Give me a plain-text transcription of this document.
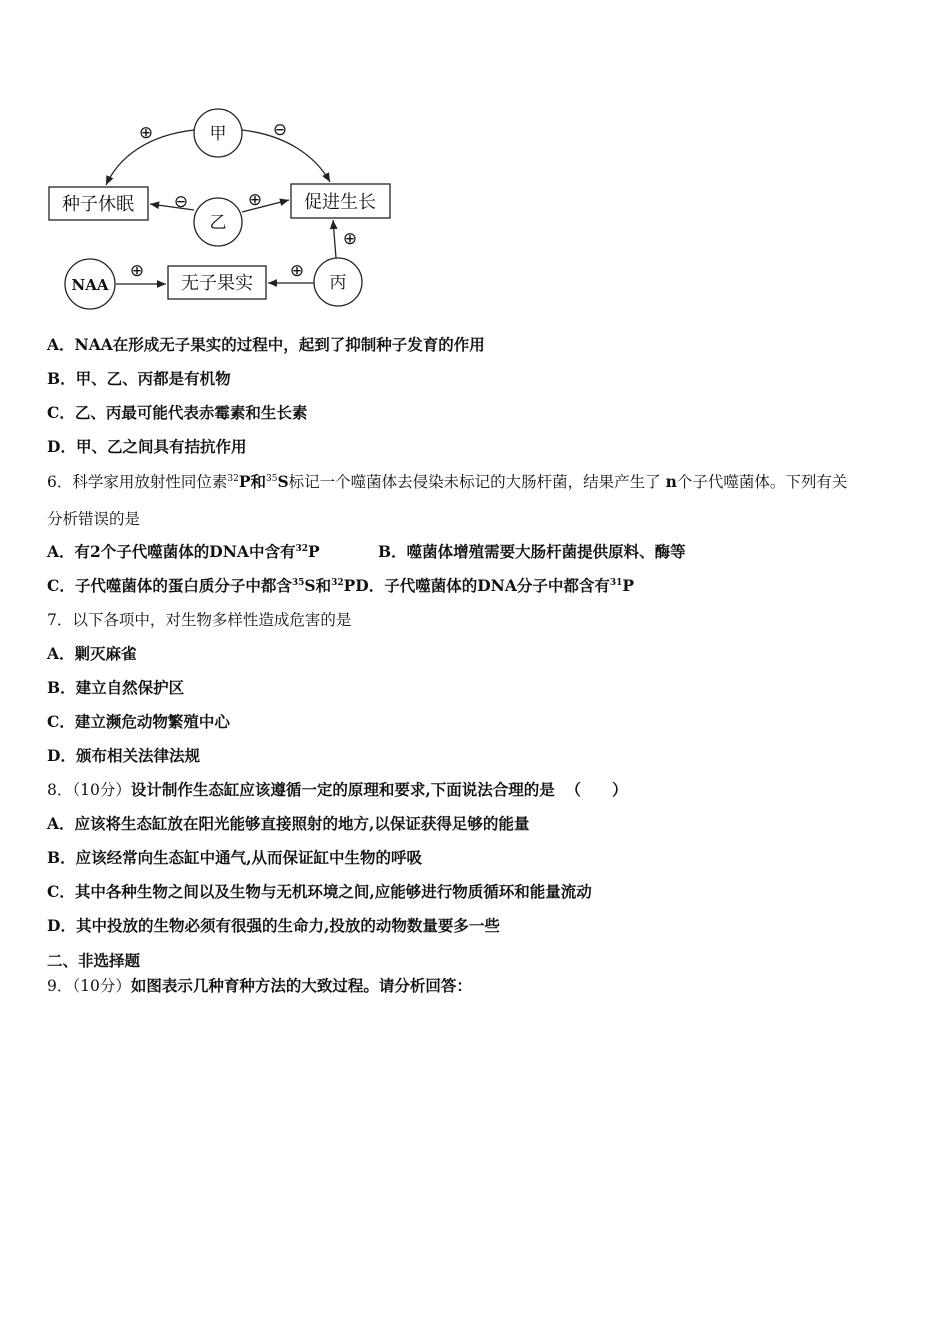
甲
乙
丙
NAA
种子休眠	促进生长
无子果实
⊕	⊖
⊖	⊕
⊕	⊕
⊕
A．NAA在形成无子果实的过程中，起到了抑制种子发育的作用
B．甲、乙、丙都是有机物
C．乙、丙最可能代表赤霉素和生长素
D．甲、乙之间具有拮抗作用
6．科学家用放射性同位素$^{32}$P和$^{35}$S标记一个噬菌体去侵染未标记的大肠杆菌，结果产生了 n个子代噬菌体。下列有关
分析错误的是
A．有2个子代噬菌体的DNA中含有$^{32}$P	B．噬菌体增殖需要大肠杆菌提供原料、酶等
C．子代噬菌体的蛋白质分子中都含$^{35}$S和$^{32}$PD．子代噬菌体的DNA分子中都含有$^{31}$P
7．以下各项中，对生物多样性造成危害的是
A．剿灭麻雀
B．建立自然保护区
C．建立濒危动物繁殖中心
D．颁布相关法律法规
8．（10分）设计制作生态缸应该遵循一定的原理和要求,下面说法合理的是 （　　）
A．应该将生态缸放在阳光能够直接照射的地方,以保证获得足够的能量
B．应该经常向生态缸中通气,从而保证缸中生物的呼吸
C．其中各种生物之间以及生物与无机环境之间,应能够进行物质循环和能量流动
D．其中投放的生物必须有很强的生命力,投放的动物数量要多一些
二、非选择题
9．（10分）如图表示几种育种方法的大致过程。请分析回答：
